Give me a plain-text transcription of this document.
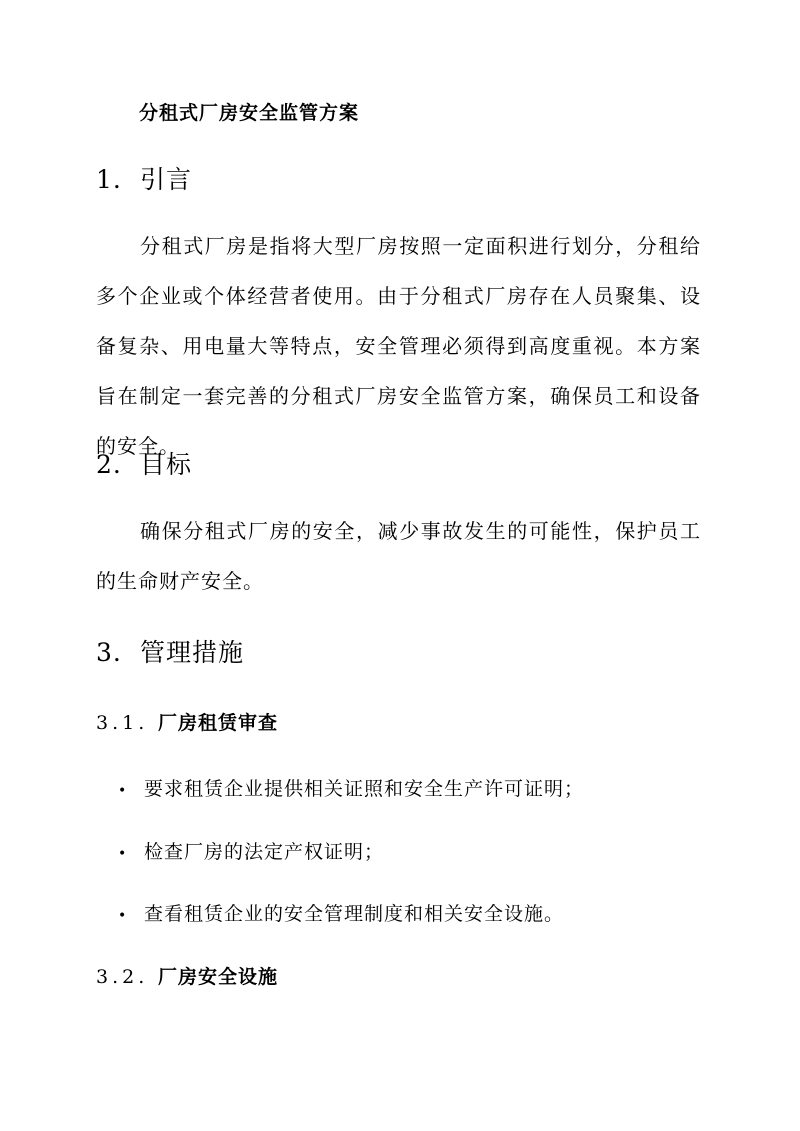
分租式厂房安全监管方案
1. 引言
分租式厂房是指将大型厂房按照一定面积进行划分，分租给多个企业或个体经营者使用。由于分租式厂房存在人员聚集、设备复杂、用电量大等特点，安全管理必须得到高度重视。本方案旨在制定一套完善的分租式厂房安全监管方案，确保员工和设备的安全。
2. 目标
确保分租式厂房的安全，减少事故发生的可能性，保护员工的生命财产安全。
3. 管理措施
3.1. 厂房租赁审查
• 要求租赁企业提供相关证照和安全生产许可证明；
• 检查厂房的法定产权证明；
• 查看租赁企业的安全管理制度和相关安全设施。
3.2. 厂房安全设施
